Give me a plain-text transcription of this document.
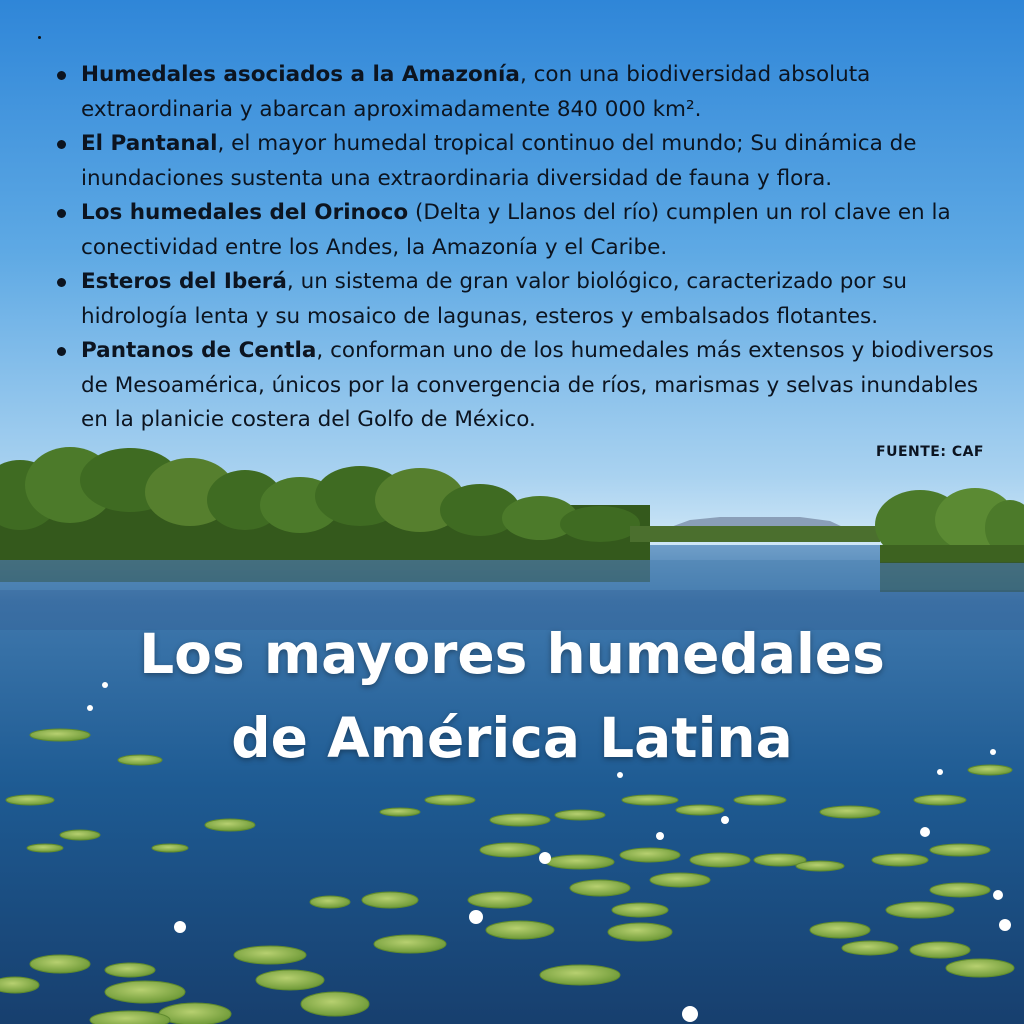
Humedales asociados a la Amazonía, con una biodiversidad absoluta extraordinaria y abarcan aproximadamente 840 000 km².
El Pantanal, el mayor humedal tropical continuo del mundo; Su dinámica de inundaciones sustenta una extraordinaria diversidad de fauna y flora.
Los humedales del Orinoco (Delta y Llanos del río) cumplen un rol clave en la conectividad entre los Andes, la Amazonía y el Caribe.
Esteros del Iberá, un sistema de gran valor biológico, caracterizado por su hidrología lenta y su mosaico de lagunas, esteros y embalsados flotantes.
Pantanos de Centla, conforman uno de los humedales más extensos y biodiversos de Mesoamérica, únicos por la convergencia de ríos, marismas y selvas inundables en la planicie costera del Golfo de México.
FUENTE: CAF
Los mayores humedales
de América Latina
